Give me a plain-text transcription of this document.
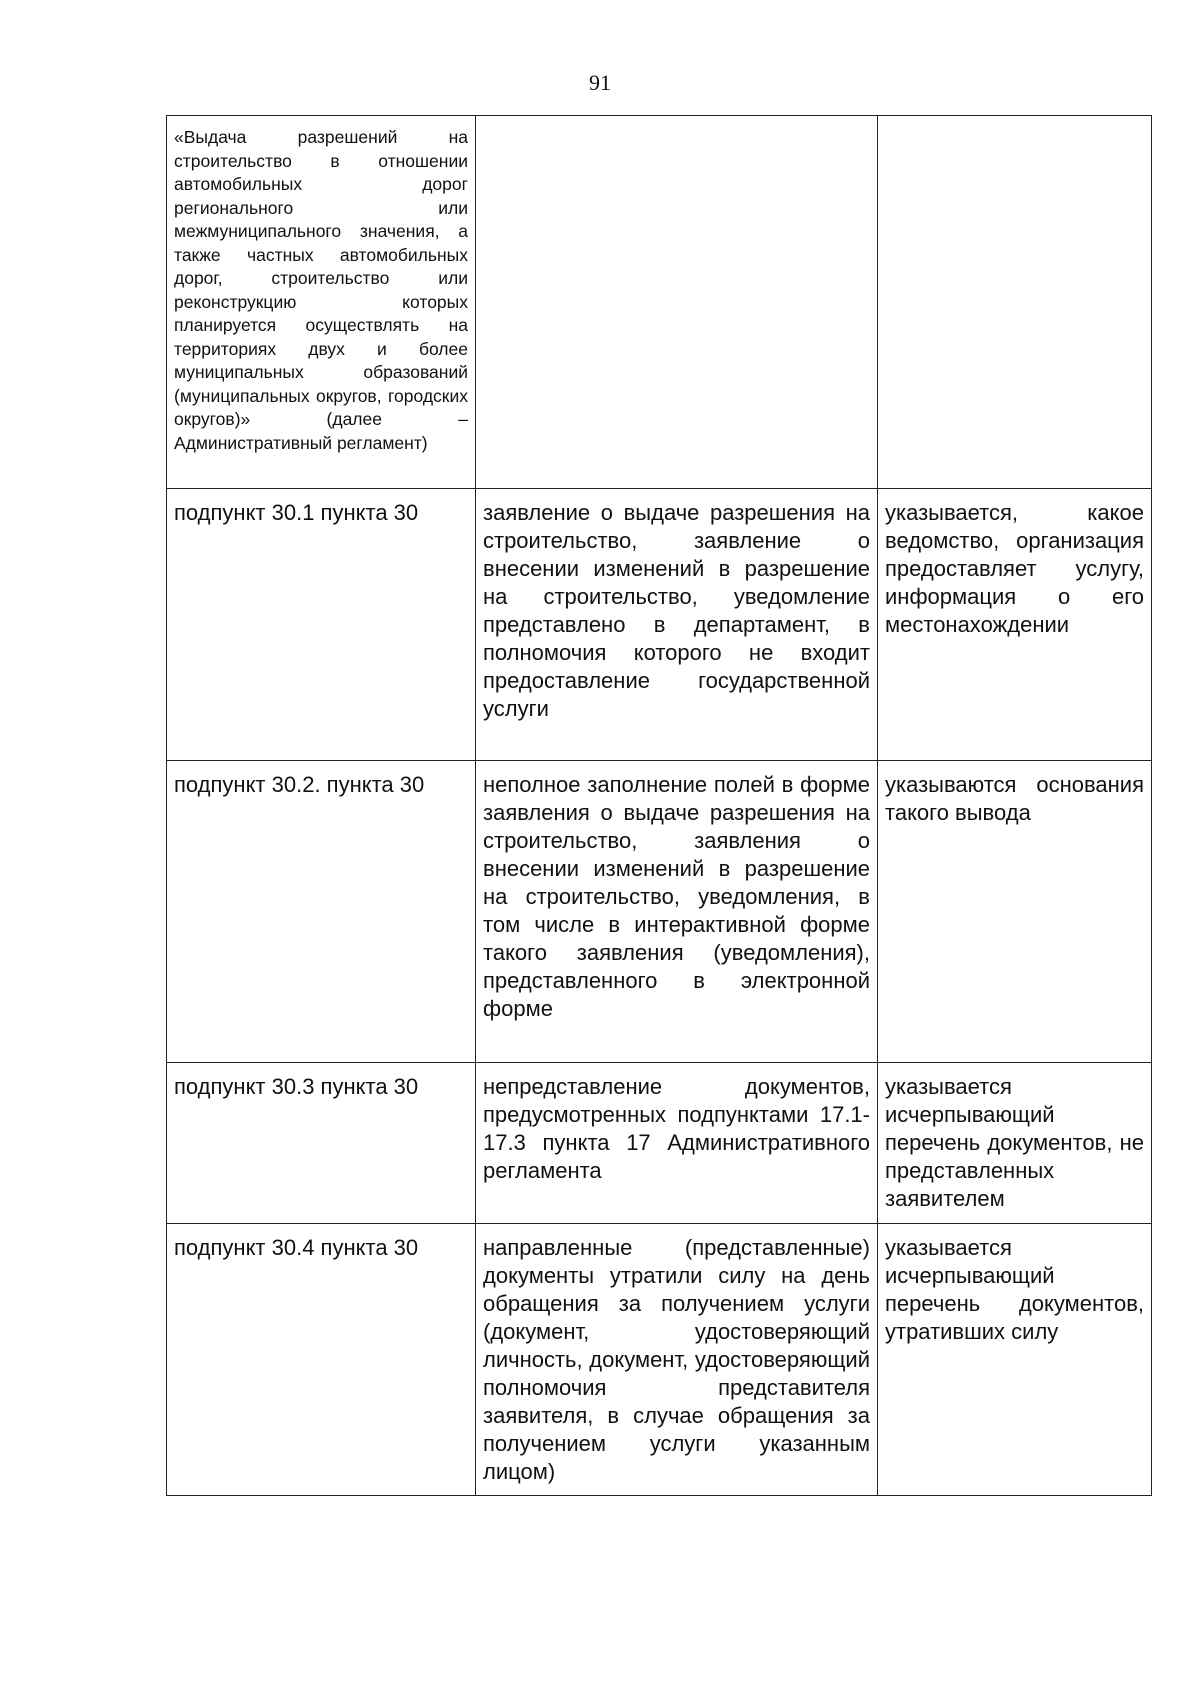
91
«Выдача разрешений на строительство в отношении автомобильных дорог регионального или межмуниципального значения, а также частных автомобильных дорог, строительство или реконструкцию которых планируется осуществлять на территориях двух и более муниципальных образований (муниципальных округов, городских округов)» (далее – Административный регламент)		
подпункт 30.1 пункта 30	заявление о выдаче разрешения на строительство, заявление о внесении изменений в разрешение на строительство, уведомление представлено в департамент, в полномочия которого не входит предоставление государственной услуги	указывается, какое ведомство, организация предоставляет услугу, информация о его местонахождении
подпункт 30.2. пункта 30	неполное заполнение полей в форме заявления о выдаче разрешения на строительство, заявления о внесении изменений в разрешение на строительство, уведомления, в том числе в интерактивной форме такого заявления (уведомления), представленного в электронной форме	указываются основания такого вывода
подпункт 30.3 пункта 30	непредставление документов, предусмотренных подпунктами 17.1-17.3 пункта 17 Административного регламента	указывается исчерпывающий перечень документов, не представленных заявителем
подпункт 30.4 пункта 30	направленные (представленные) документы утратили силу на день обращения за получением услуги (документ, удостоверяющий личность, документ, удостоверяющий полномочия представителя заявителя, в случае обращения за получением услуги указанным лицом)	указывается исчерпывающий перечень документов, утративших силу
